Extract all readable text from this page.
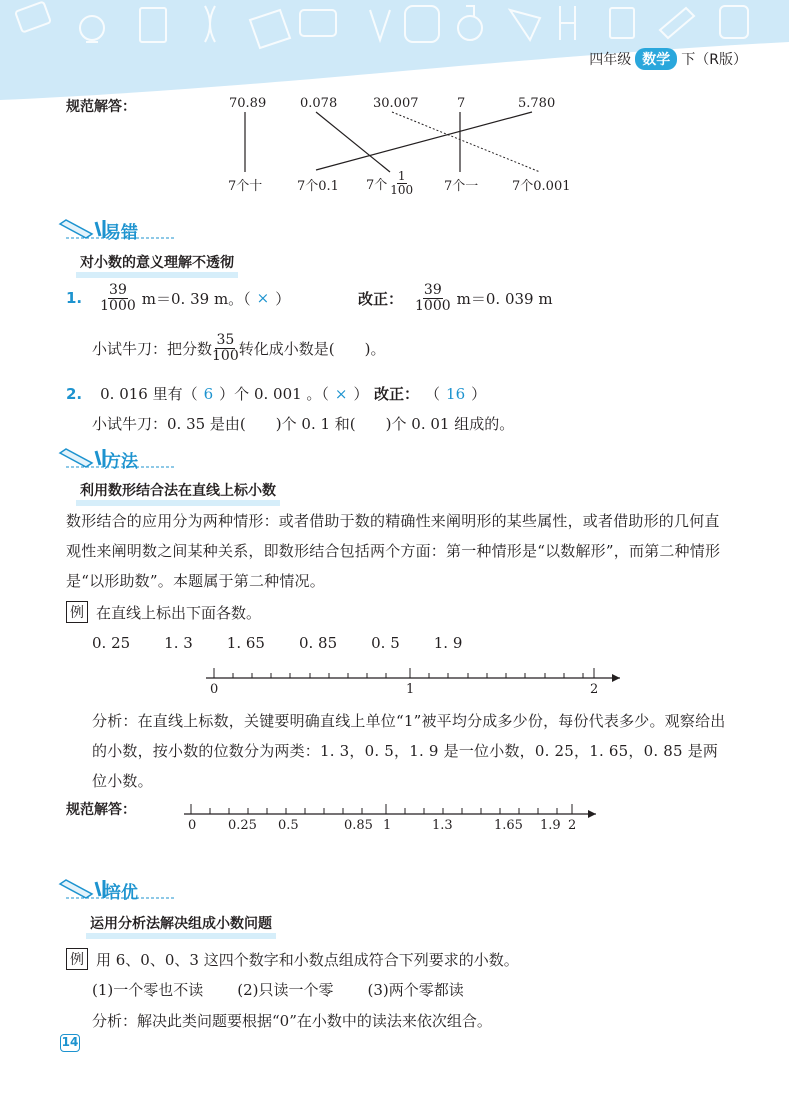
四年级 数学 下（R版）
规范解答：	70.89	0.078	30.007	7	5.780
7个十	7个0.1 7个 $\frac{1}{100} 7$个一	7个0.001
易错
对小数的意义理解不透彻
1. $\frac{39}{1000} m=0$. 39 m。（ × ）	改正： $\frac{39}{1000} m=0$. 039 m
小试牛刀：把分数 $\frac{35}{100}$ 转化成小数是(　　)。
2. 0. 016 里有（ 6 ）个 0. 001 。（ × ） 改正： （ 16 ）
小试牛刀：0. 35 是由(　　)个 0. 1 和(　　)个 0. 01 组成的。
方法
利用数形结合法在直线上标小数
数形结合的应用分为两种情形：或者借助于数的精确性来阐明形的某些属性，或者借助形的几何直观性来阐明数之间某种关系，即数形结合包括两个方面：第一种情形是“以数解形”，而第二种情形是“以形助数”。本题属于第二种情况。
例 在直线上标出下面各数。
0. 25 1. 3 1. 65 0. 85 0. 5 1. 9
0	1	2
分析：在直线上标数，关键要明确直线上单位“1”被平均分成多少份，每份代表多少。观察给出的小数，按小数的位数分为两类：1. 3，0. 5，1. 9 是一位小数，0. 25，1. 65，0. 85 是两位小数。
规范解答：
0 0.25 0.5	0.85 1	1.3	1.65 1.9 2
培优
运用分析法解决组成小数问题
例 用 6、0、0、3 这四个数字和小数点组成符合下列要求的小数。
(1)一个零也不读 (2)只读一个零 (3)两个零都读
分析：解决此类问题要根据“0”在小数中的读法来依次组合。
14
